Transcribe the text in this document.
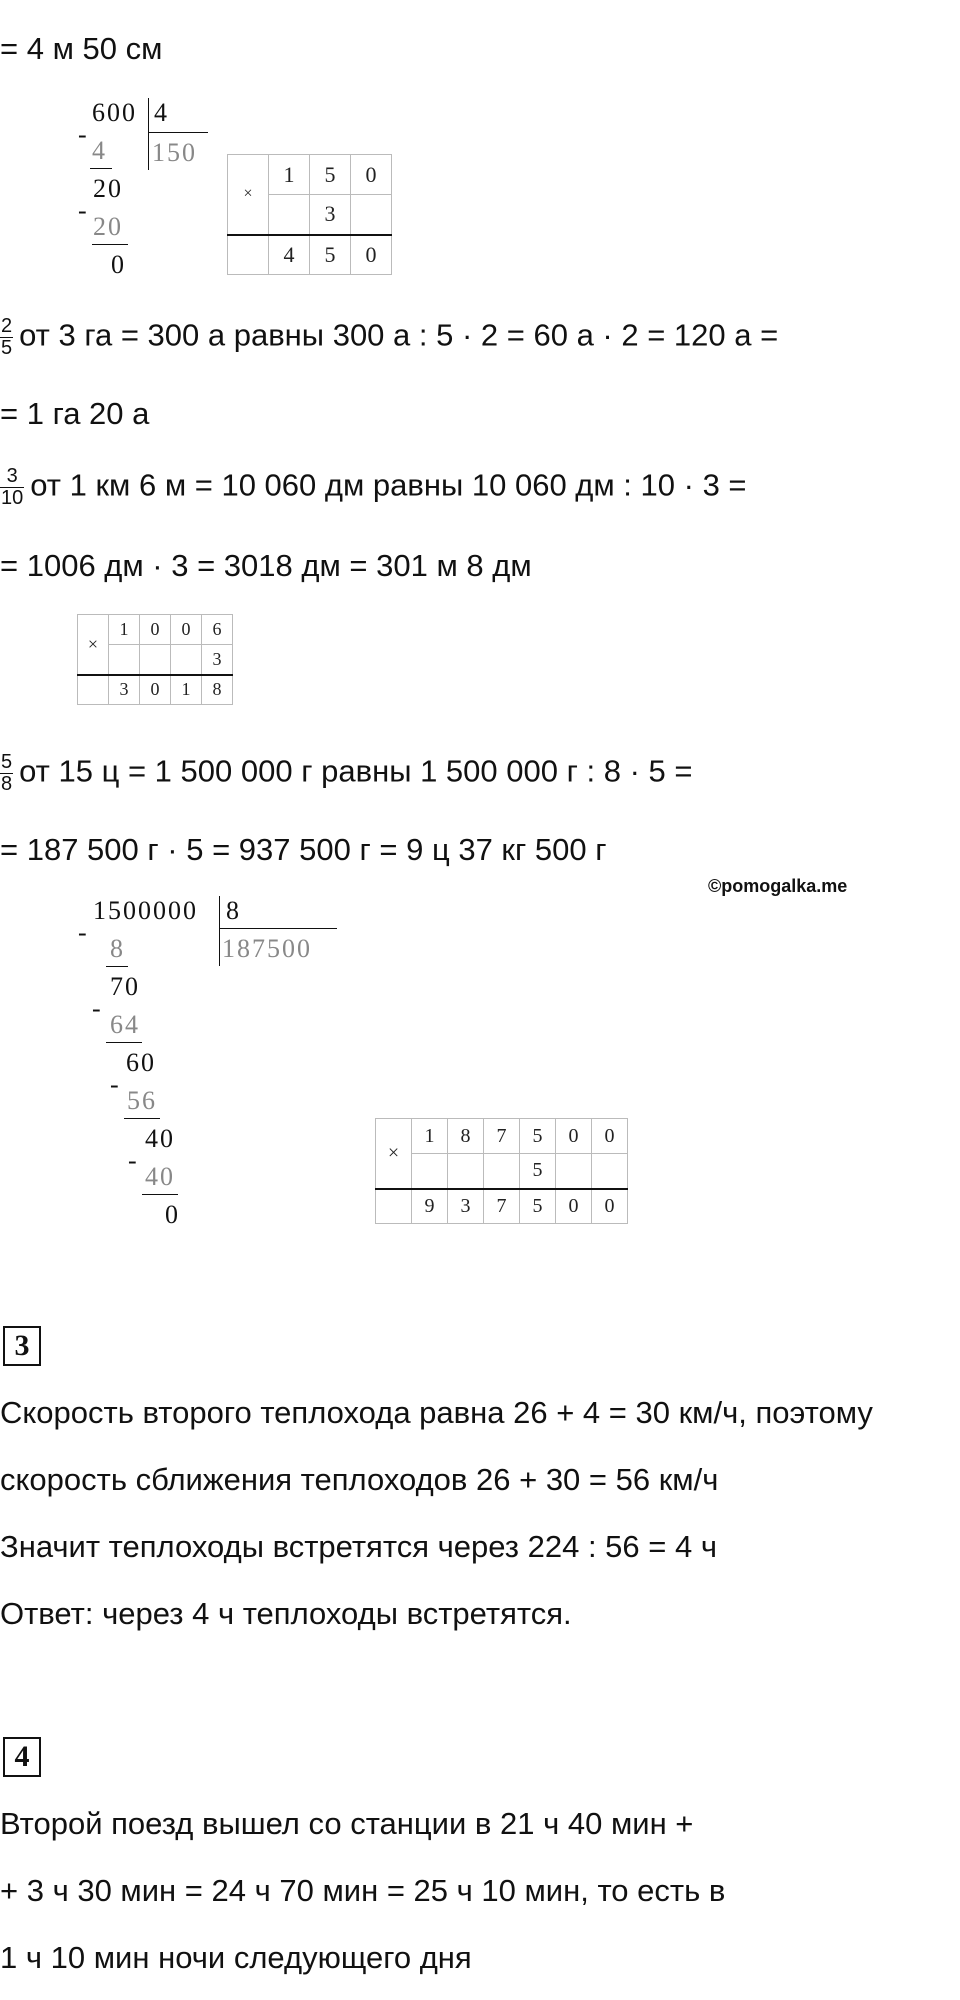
= 4 м 50 см
600 4
150
-
4
20
-
20
0
×	1	5	0
		3	
	4	5	0
$\frac{2}{5}$ от 3 га = 300 а равны 300 а : 5 · 2 = 60 а · 2 = 120 а =
= 1 га 20 а
$\frac{3}{10}$ от 1 км 6 м = 10 060 дм равны 10 060 дм : 10 · 3 =
= 1006 дм · 3 = 3018 дм = 301 м 8 дм
×	1	0	0	6
				3
	3	0	1	8
$\frac{5}{8}$ от 15 ц = 1 500 000 г равны 1 500 000 г : 8 · 5 =
= 187 500 г · 5 = 937 500 г = 9 ц 37 кг 500 г
©pomogalka.me
1500000 8
187500
-
8
70
-
64
60
-
56
40
-
40
0
×	1	8	7	5	0	0
				5		
	9	3	7	5	0	0
3
Скорость второго теплохода равна 26 + 4 = 30 км/ч, поэтому
скорость сближения теплоходов 26 + 30 = 56 км/ч
Значит теплоходы встретятся через 224 : 56 = 4 ч
Ответ: через 4 ч теплоходы встретятся.
4
Второй поезд вышел со станции в 21 ч 40 мин +
+ 3 ч 30 мин = 24 ч 70 мин = 25 ч 10 мин, то есть в
1 ч 10 мин ночи следующего дня
